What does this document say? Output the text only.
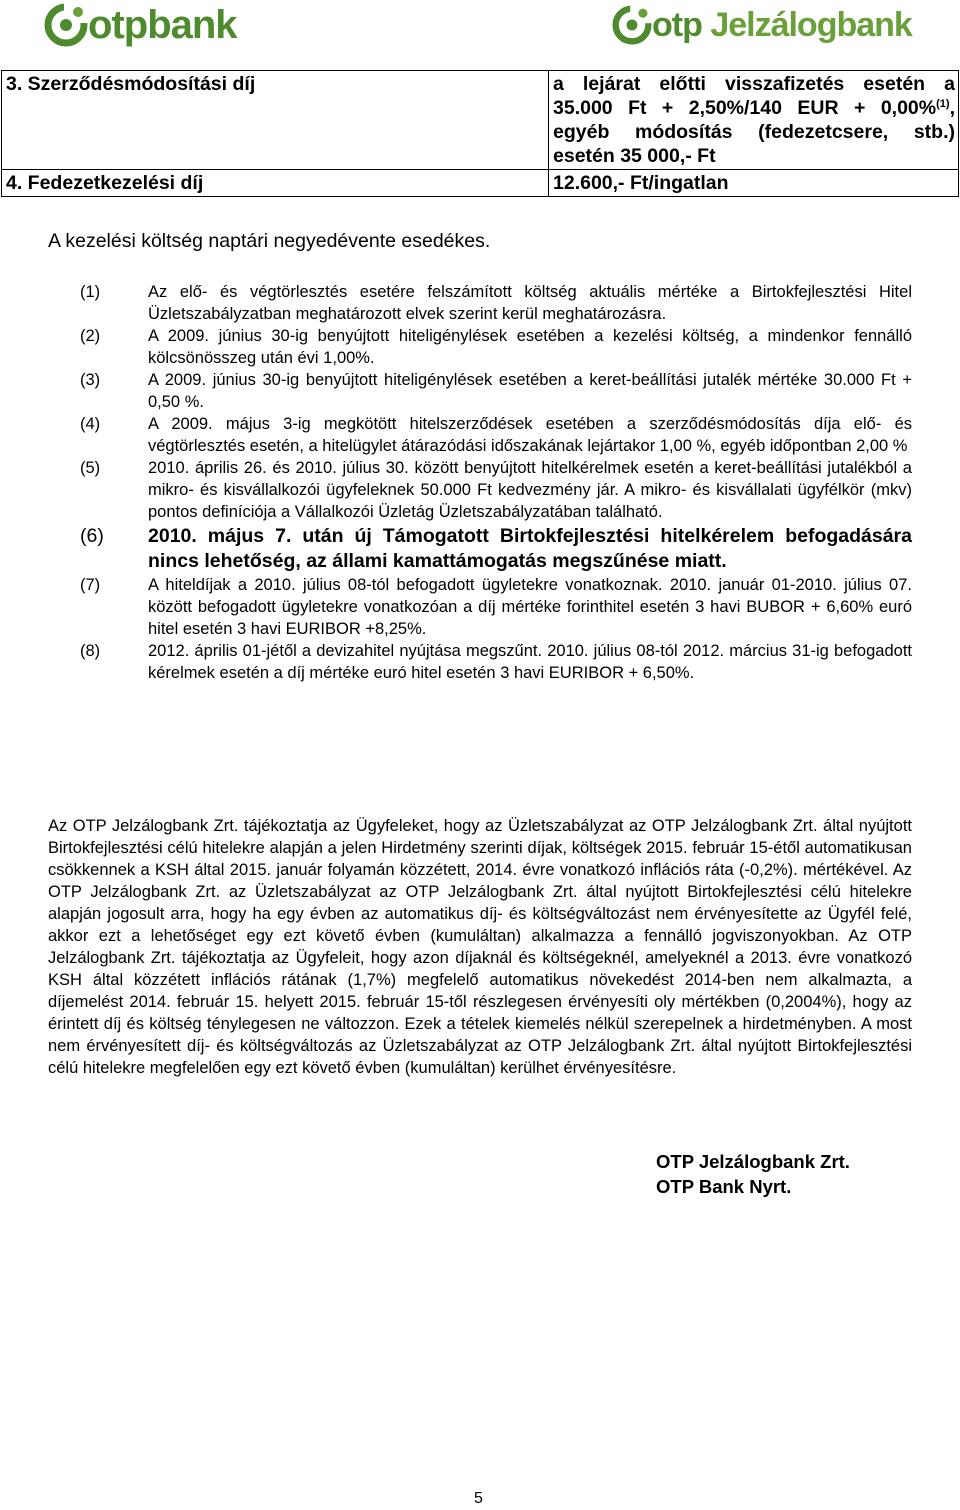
otpbank	otp Jelzálogbank
3. Szerződésmódosítási díj	a lejárat előtti visszafizetés esetén a
35.000 Ft + 2,50%/140 EUR + 0,00%$^{(1)}$,
egyéb módosítás (fedezetcsere, stb.)
esetén 35 000,- Ft

4. Fedezetkezelési díj	12.600,- Ft/ingatlan
A kezelési költség naptári negyedévente esedékes.
(1)	Az elő- és végtörlesztés esetére felszámított költség aktuális mértéke a Birtokfejlesztési Hitel Üzletszabályzatban meghatározott elvek szerint kerül meghatározásra.
(2)	A 2009. június 30-ig benyújtott hiteligénylések esetében a kezelési költség, a mindenkor fennálló kölcsönösszeg után évi 1,00%.
(3)	A 2009. június 30-ig benyújtott hiteligénylések esetében a keret-beállítási jutalék mértéke 30.000 Ft + 0,50 %.
(4)	A 2009. május 3-ig megkötött hitelszerződések esetében a szerződésmódosítás díja elő- és végtörlesztés esetén, a hitelügylet átárazódási időszakának lejártakor 1,00 %, egyéb időpontban 2,00 %
(5)	2010. április 26. és 2010. július 30. között benyújtott hitelkérelmek esetén a keret-beállítási jutalékból a mikro- és kisvállalkozói ügyfeleknek 50.000 Ft kedvezmény jár. A mikro- és kisvállalati ügyfélkör (mkv) pontos definíciója a Vállalkozói Üzletág Üzletszabályzatában található.
(6)	2010. május 7. után új Támogatott Birtokfejlesztési hitelkérelem befogadására nincs lehetőség, az állami kamattámogatás megszűnése miatt.
(7)	A hiteldíjak a 2010. július 08-tól befogadott ügyletekre vonatkoznak. 2010. január 01-2010. július 07. között befogadott ügyletekre vonatkozóan a díj mértéke forinthitel esetén 3 havi BUBOR + 6,60% euró hitel esetén 3 havi EURIBOR +8,25%.
(8)	2012. április 01-jétől a devizahitel nyújtása megszűnt. 2010. július 08-tól 2012. március 31-ig befogadott kérelmek esetén a díj mértéke euró hitel esetén 3 havi EURIBOR + 6,50%.
Az OTP Jelzálogbank Zrt. tájékoztatja az Ügyfeleket, hogy az Üzletszabályzat az OTP Jelzálogbank Zrt. által nyújtott Birtokfejlesztési célú hitelekre alapján a jelen Hirdetmény szerinti díjak, költségek 2015. február 15-étől automatikusan csökkennek a KSH által 2015. január folyamán közzétett, 2014. évre vonatkozó inflációs ráta (-0,2%). mértékével. Az OTP Jelzálogbank Zrt. az Üzletszabályzat az OTP Jelzálogbank Zrt. által nyújtott Birtokfejlesztési célú hitelekre alapján jogosult arra, hogy ha egy évben az automatikus díj- és költségváltozást nem érvényesítette az Ügyfél felé, akkor ezt a lehetőséget egy ezt követő évben (kumuláltan) alkalmazza a fennálló jogviszonyokban. Az OTP Jelzálogbank Zrt. tájékoztatja az Ügyfeleit, hogy azon díjaknál és költségeknél, amelyeknél a 2013. évre vonatkozó KSH által közzétett inflációs rátának (1,7%) megfelelő automatikus növekedést 2014-ben nem alkalmazta, a díjemelést 2014. február 15. helyett 2015. február 15-től részlegesen érvényesíti oly mértékben (0,2004%), hogy az érintett díj és költség ténylegesen ne változzon. Ezek a tételek kiemelés nélkül szerepelnek a hirdetményben. A most nem érvényesített díj- és költségváltozás az Üzletszabályzat az OTP Jelzálogbank Zrt. által nyújtott Birtokfejlesztési célú hitelekre megfelelően egy ezt követő évben (kumuláltan) kerülhet érvényesítésre.
OTP Jelzálogbank Zrt.
OTP Bank Nyrt.
5
